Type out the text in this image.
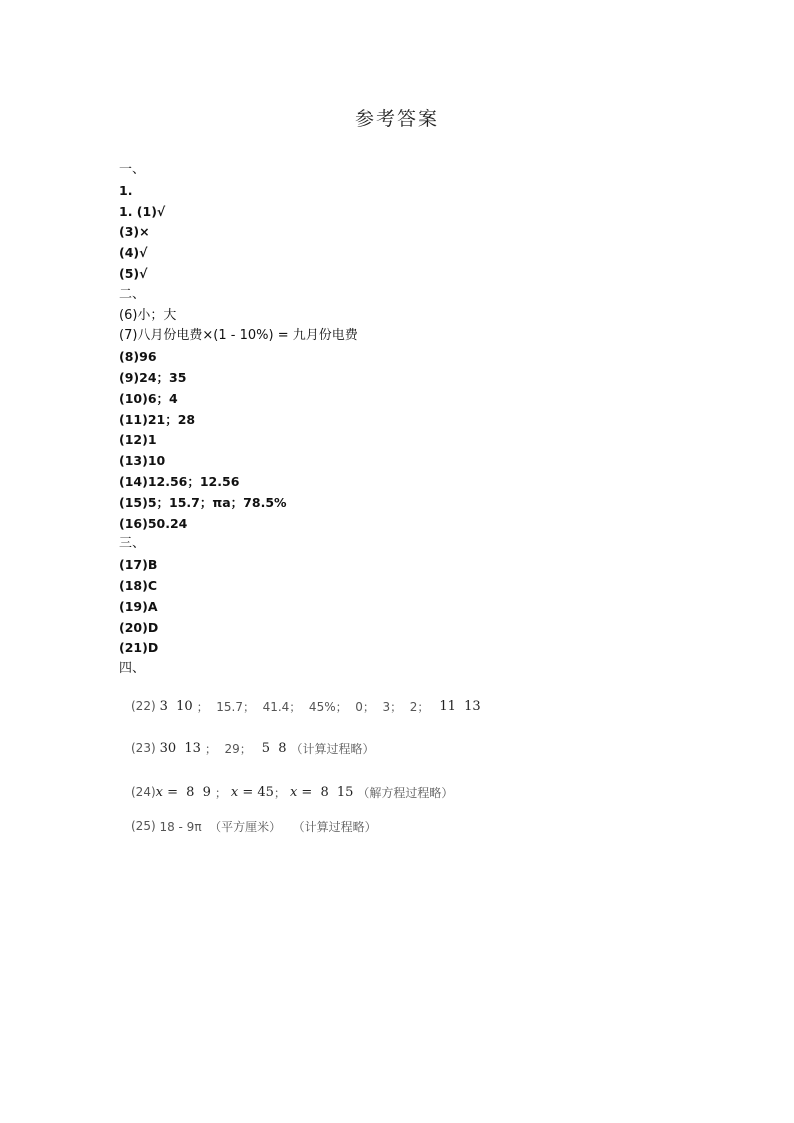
参考答案
一、
1.
1. (1)√
(3)×
(4)√
(5)√
二、
(6)小；大
(7)八月份电费×(1 - 10%) = 九月份电费
(8)96
(9)24；35
(10)6；4
(11)21；28
(12)1
(13)10
(14)12.56；12.56
(15)5；15.7；πa；78.5%
(16)50.24
三、
(17)B
(18)C
(19)A
(20)D
(21)D
四、
(22) 3 10 ；  15.7；  41.4；  45%；  0；  3；  2； 11 13
(23) 30 13 ；  29； 5 8 （计算过程略）
(24) x = 8 9 ； x = 45 ； x = 8 15 （解方程过程略）
(25) 18 - 9π  （平方厘米）   （计算过程略）
